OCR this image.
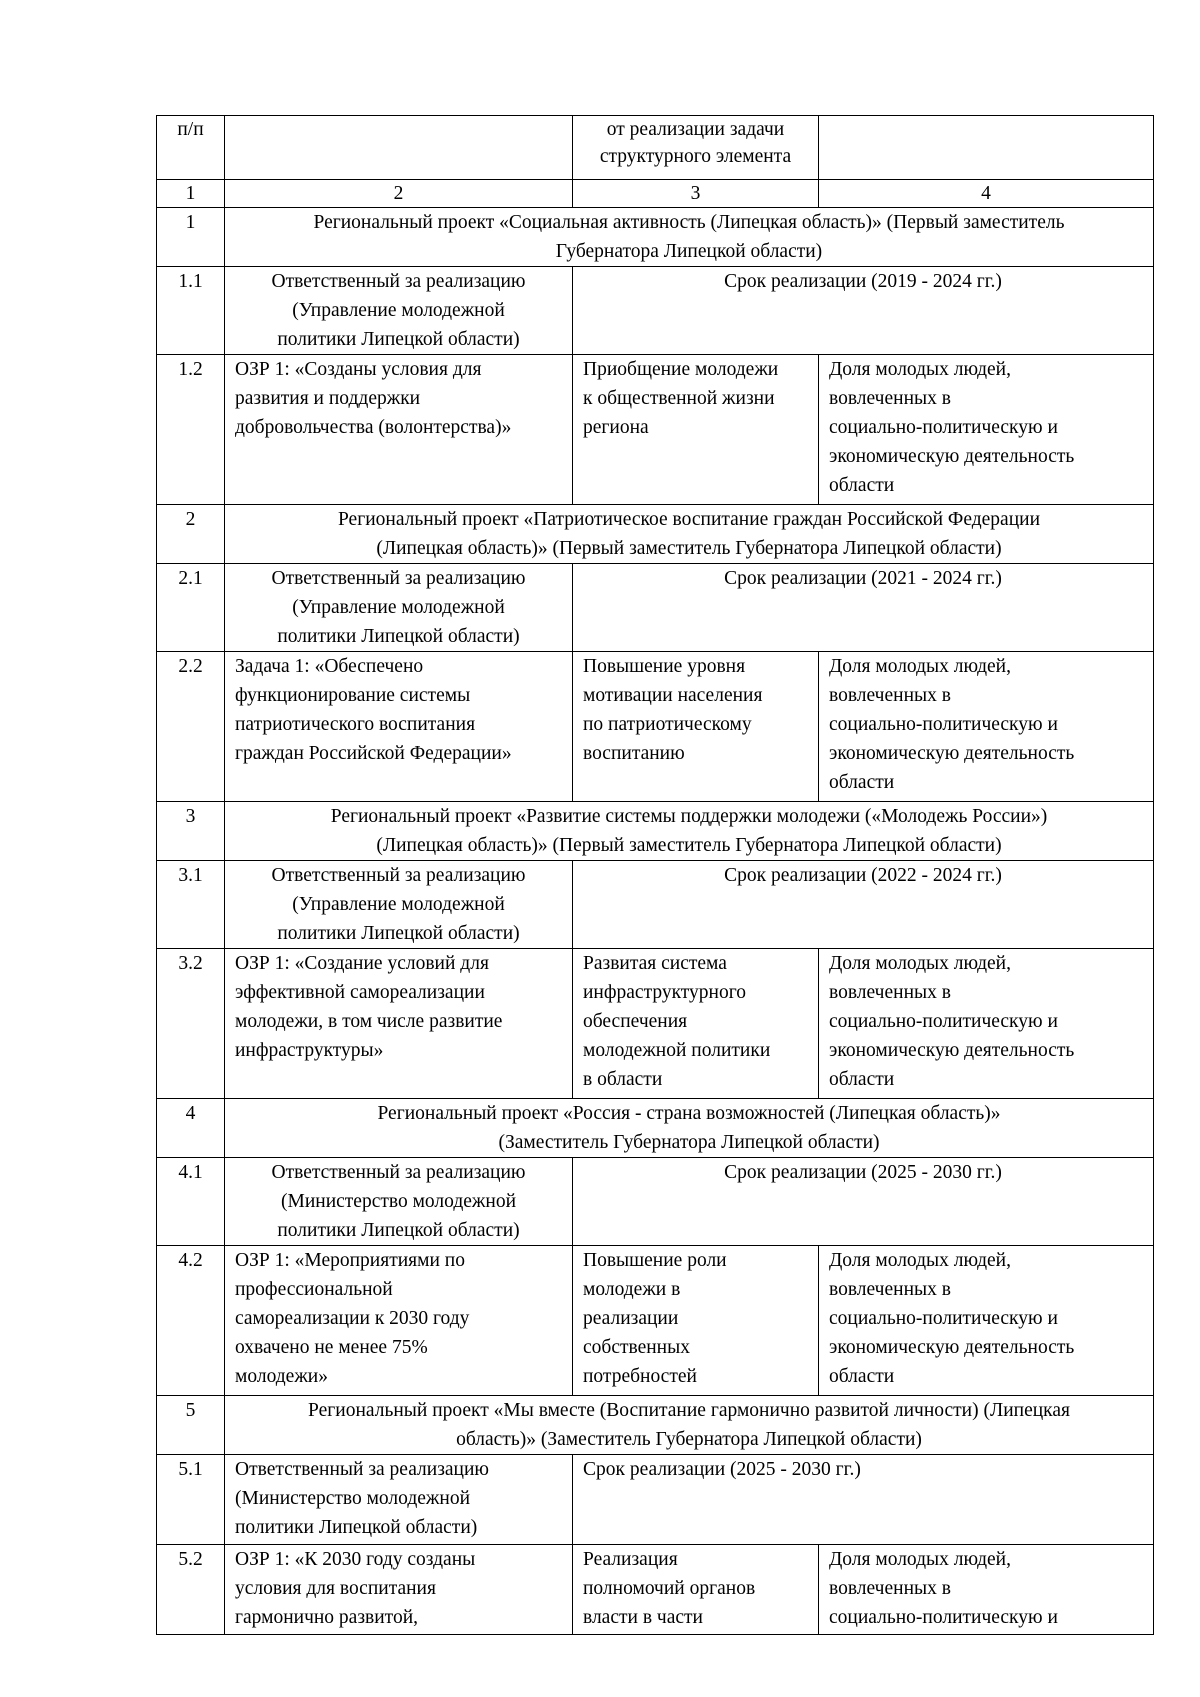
п/п		от реализации задачи
структурного элемента	

1	2	3	4
1	Региональный проект «Социальная активность (Липецкая область)» (Первый заместитель
Губернатора Липецкой области)		

1.1	Ответственный за реализацию
(Управление молодежной
политики Липецкой области)	Срок реализации (2019 - 2024 гг.)	
1.2	ОЗР 1: «Созданы условия для
развития и поддержки
добровольчества (волонтерства)»	Приобщение молодежи
к общественной жизни
региона	Доля молодых людей,
вовлеченных в
социально-политическую и
экономическую деятельность
области

2	Региональный проект «Патриотическое воспитание граждан Российской Федерации
(Липецкая область)» (Первый заместитель Губернатора Липецкой области)		

2.1	Ответственный за реализацию
(Управление молодежной
политики Липецкой области)	Срок реализации (2021 - 2024 гг.)	
2.2	Задача 1: «Обеспечено
функционирование системы
патриотического воспитания
граждан Российской Федерации»	Повышение уровня
мотивации населения
по патриотическому
воспитанию	Доля молодых людей,
вовлеченных в
социально-политическую и
экономическую деятельность
области

3	Региональный проект «Развитие системы поддержки молодежи («Молодежь России»)
(Липецкая область)» (Первый заместитель Губернатора Липецкой области)		

3.1	Ответственный за реализацию
(Управление молодежной
политики Липецкой области)	Срок реализации (2022 - 2024 гг.)	
3.2	ОЗР 1: «Создание условий для
эффективной самореализации
молодежи, в том числе развитие
инфраструктуры»	Развитая система
инфраструктурного
обеспечения
молодежной политики
в области	Доля молодых людей,
вовлеченных в
социально-политическую и
экономическую деятельность
области

4	Региональный проект «Россия - страна возможностей (Липецкая область)»
(Заместитель Губернатора Липецкой области)		

4.1	Ответственный за реализацию
(Министерство молодежной
политики Липецкой области)	Срок реализации (2025 - 2030 гг.)	
4.2	ОЗР 1: «Мероприятиями по
профессиональной
самореализации к 2030 году
охвачено не менее 75%
молодежи»	Повышение роли
молодежи в
реализации
собственных
потребностей	Доля молодых людей,
вовлеченных в
социально-политическую и
экономическую деятельность
области

5	Региональный проект «Мы вместе (Воспитание гармонично развитой личности) (Липецкая
область)» (Заместитель Губернатора Липецкой области)		

5.1	Ответственный за реализацию
(Министерство молодежной
политики Липецкой области)	Срок реализации (2025 - 2030 гг.)	
5.2	ОЗР 1: «К 2030 году созданы
условия для воспитания
гармонично развитой,	Реализация
полномочий органов
власти в части	Доля молодых людей,
вовлеченных в
социально-политическую и
